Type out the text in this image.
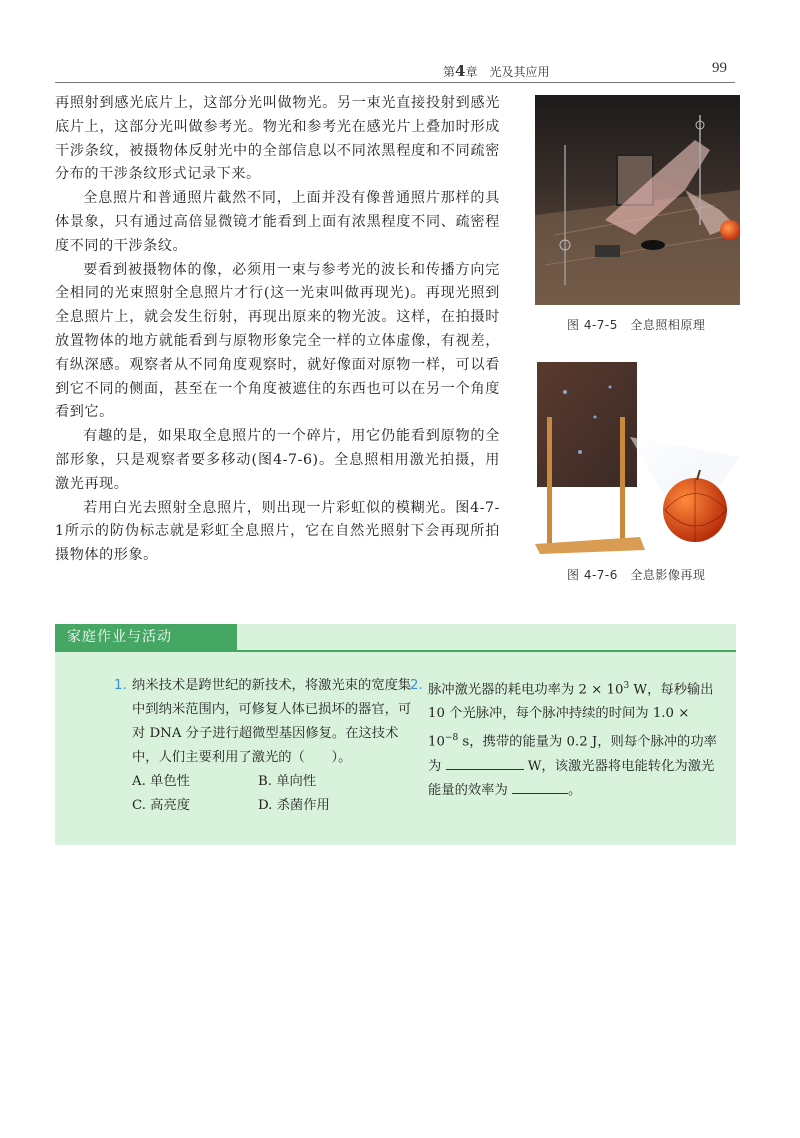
第4章　 光及其应用	99

再照射到感光底片上，这部分光叫做物光。另一束光直接投射到感光底片上，这部分光叫做参考光。物光和参考光在感光片上叠加时形成干涉条纹，被摄物体反射光中的全部信息以不同浓黑程度和不同疏密分布的干涉条纹形式记录下来。

全息照片和普通照片截然不同，上面并没有像普通照片那样的具体景象，只有通过高倍显微镜才能看到上面有浓黑程度不同、疏密程度不同的干涉条纹。

要看到被摄物体的像，必须用一束与参考光的波长和传播方向完全相同的光束照射全息照片才行(这一光束叫做再现光)。再现光照到全息照片上，就会发生衍射，再现出原来的物光波。这样，在拍摄时放置物体的地方就能看到与原物形象完全一样的立体虚像，有视差，有纵深感。观察者从不同角度观察时，就好像面对原物一样，可以看到它不同的侧面，甚至在一个角度被遮住的东西也可以在另一个角度看到它。

有趣的是，如果取全息照片的一个碎片，用它仍能看到原物的全部形象，只是观察者要多移动(图4-7-6)。全息照相用激光拍摄，用激光再现。

若用白光去照射全息照片，则出现一片彩虹似的模糊光。图4-7-1所示的防伪标志就是彩虹全息照片，它在自然光照射下会再现所拍摄物体的形象。

图 4-7-5　全息照相原理
图 4-7-6　全息影像再现
家庭作业与活动
1. 纳米技术是跨世纪的新技术，将激光束的宽度集中到纳米范围内，可修复人体已损坏的器官，可对 DNA 分子进行超微型基因修复。在这技术中，人们主要利用了激光的（　　）。
A. 单色性	B. 单向性
C. 高亮度	D. 杀菌作用
2. 脉冲激光器的耗电功率为 $2 \times 10^3$ W，每秒输出 10 个光脉冲，每个脉冲持续的时间为 $1.0 \times 10^{-8}$ s，携带的能量为 0.2 J，则每个脉冲的功率为	W，该激光器将电能转化为激光能量的效率为	。
